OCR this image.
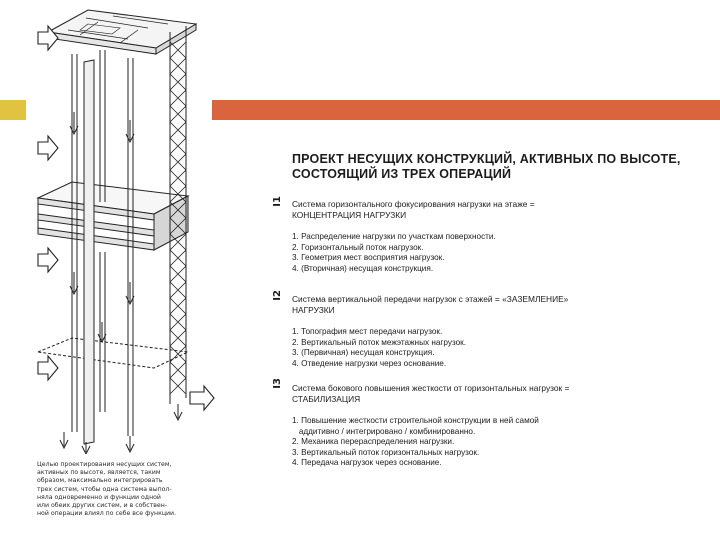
Целью проектирования несущих систем,
активных по высоте, является, таким
образом, максимально интегрировать
трех систем, чтобы одна система выпол-
няла одновременно и функции одной
или обеих других систем, и в собствен-
ной операции влиял по себе все функции.
ПРОЕКТ НЕСУЩИХ КОНСТРУКЦИЙ, АКТИВНЫХ ПО ВЫСОТЕ,
СОСТОЯЩИЙ ИЗ ТРЕХ ОПЕРАЦИЙ
I1 Система горизонтального фокусирования нагрузки на этаже =
КОНЦЕНТРАЦИЯ НАГРУЗКИ
1. Распределение нагрузки по участкам поверхности.
2. Горизонтальный поток нагрузок.
3. Геометрия мест восприятия нагрузок.
4. (Вторичная) несущая конструкция.
I2 Система вертикальной передачи нагрузок с этажей = «ЗАЗЕМЛЕНИЕ»
НАГРУЗКИ
1. Топография мест передачи нагрузок.
2. Вертикальный поток межэтажных нагрузок.
3. (Первичная) несущая конструкция.
4. Отведение нагрузки через основание.
I3 Система бокового повышения жесткости от горизонтальных нагрузок =
СТАБИЛИЗАЦИЯ
1. Повышение жесткости строительной конструкции в ней самой
аддитивно / интегрировано / комбинированно.
2. Механика перераспределения нагрузки.
3. Вертикальный поток горизонтальных нагрузок.
4. Передача нагрузок через основание.
